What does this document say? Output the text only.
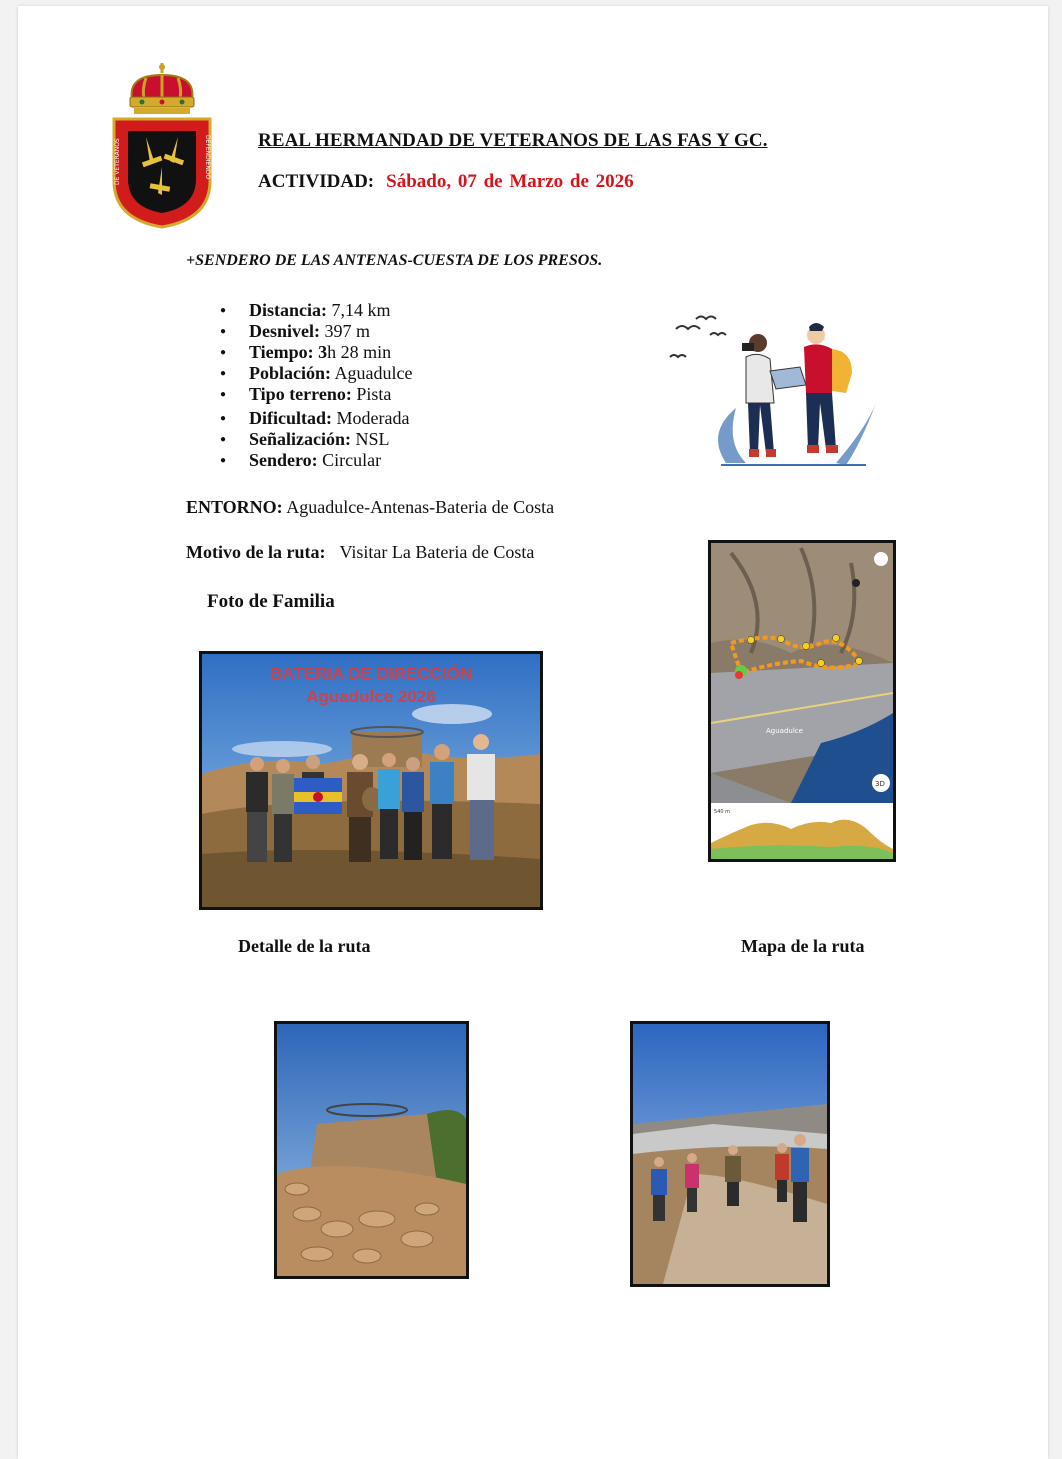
DE VETERANOS	DEFENDIENDO REAL HERMANDAD DE VETERANOS DE LAS FAS Y GC.
ACTIVIDAD: Sábado, 07 de Marzo de 2026
+SENDERO DE LAS ANTENAS-CUESTA DE LOS PRESOS.
● Distancia: 7,14 km
● Desnivel: 397 m
● Tiempo: 3h 28 min
● Población: Aguadulce
● Tipo terreno: Pista
● Dificultad: Moderada
● Señalización: NSL
● Sendero: Circular
ENTORNO: Aguadulce-Antenas-Bateria de Costa
Motivo de la ruta: Visitar La Bateria de Costa
Foto de Familia
BATERIA DE DIRECCIÓN
Aguadulce 2026
3D
Aguadulce
540 m
Detalle de la ruta	Mapa de la ruta
